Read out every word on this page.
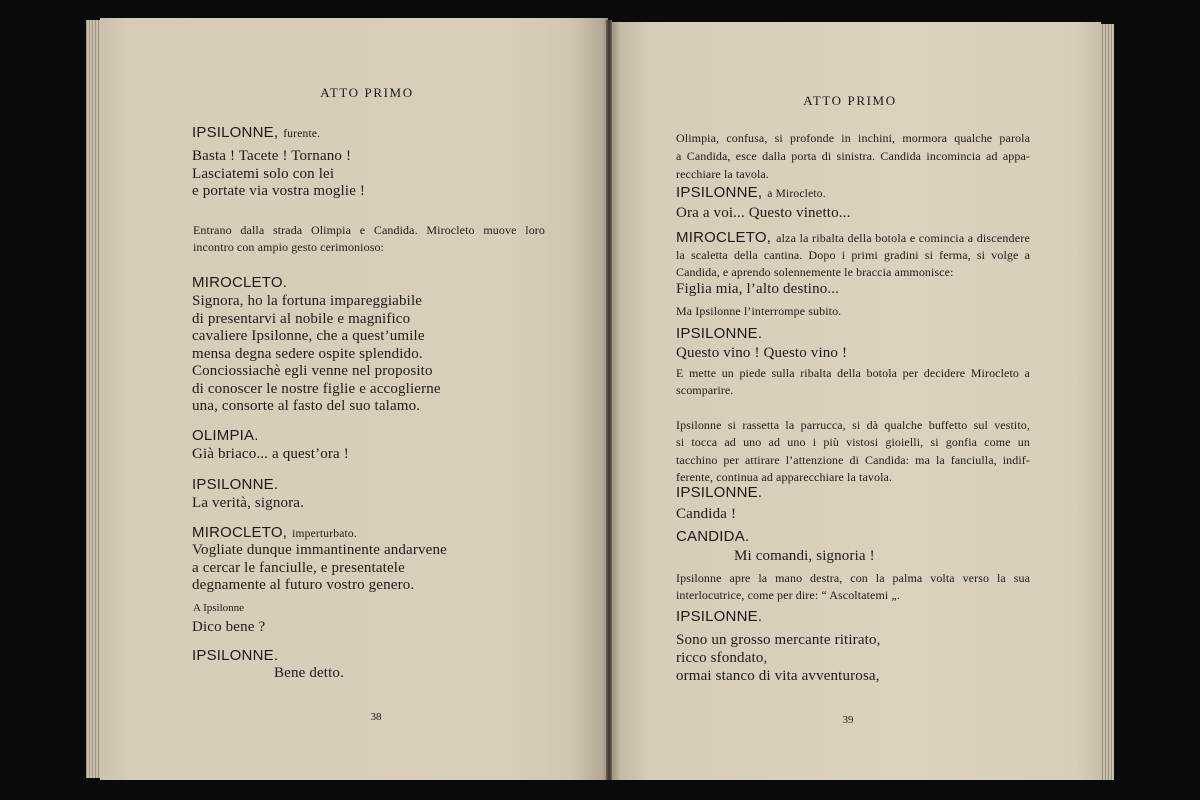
ATTO PRIMO
IPSILONNE, furente.
Basta ! Tacete ! Tornano !
Lasciatemi solo con lei
e portate via vostra moglie !
Entrano dalla strada Olimpia e Candida. Mirocleto muove loro
incontro con ampio gesto cerimonioso:
MIROCLETO.
Signora, ho la fortuna impareggiabile
di presentarvi al nobile e magnifico
cavaliere Ipsilonne, che a quest’umile
mensa degna sedere ospite splendido.
Conciossiachè egli venne nel proposito
di conoscer le nostre figlie e accoglierne
una, consorte al fasto del suo talamo.
OLIMPIA.
Già briaco... a quest’ora !
IPSILONNE.
La verità, signora.
MIROCLETO, imperturbato.
Vogliate dunque immantinente andarvene
a cercar le fanciulle, e presentatele
degnamente al futuro vostro genero.
A Ipsilonne
Dico bene ?
IPSILONNE.
Bene detto.
38
ATTO PRIMO
Olimpia, confusa, si profonde in inchini, mormora qualche parola
a Candida, esce dalla porta di sinistra. Candida incomincia ad appa-
recchiare la tavola.
IPSILONNE, a Mirocleto.
Ora a voi... Questo vinetto...
MIROCLETO, alza la ribalta della botola e comincia a discendere
la scaletta della cantina. Dopo i primi gradini si ferma, si volge a
Candida, e aprendo solennemente le braccia ammonisce:
Figlia mia, l’alto destino...
Ma Ipsilonne l’interrompe subito.
IPSILONNE.
Questo vino ! Questo vino !
E mette un piede sulla ribalta della botola per decidere Mirocleto a
scomparire.
Ipsilonne si rassetta la parrucca, si dà qualche buffetto sul vestito,
si tocca ad uno ad uno i più vistosi gioielli, si gonfia come un
tacchino per attirare l’attenzione di Candida: ma la fanciulla, indif-
ferente, continua ad apparecchiare la tavola.
IPSILONNE.
Candida !
CANDIDA.
Mi comandi, signoria !
Ipsilonne apre la mano destra, con la palma volta verso la sua
interlocutrice, come per dire: “ Ascoltatemi „.
IPSILONNE.
Sono un grosso mercante ritirato,
ricco sfondato,
ormai stanco di vita avventurosa,
39
